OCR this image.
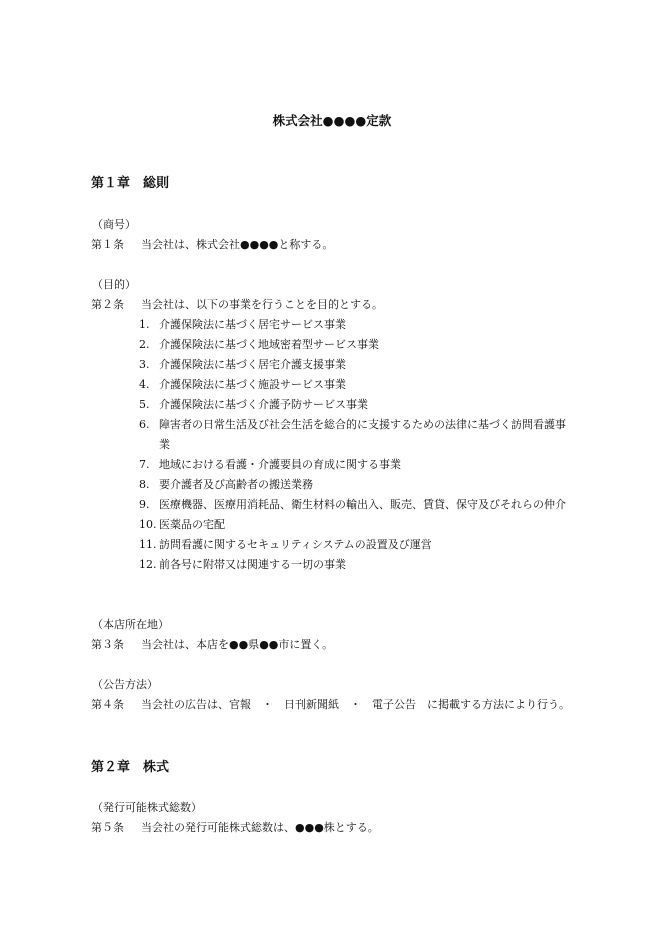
株式会社●●●●定款
第１章　総則
（商号）
第１条 当会社は、株式会社●●●●と称する。
（目的）
第２条 当会社は、以下の事業を行うことを目的とする。
1. 介護保険法に基づく居宅サービス事業
2. 介護保険法に基づく地域密着型サービス事業
3. 介護保険法に基づく居宅介護支援事業
4. 介護保険法に基づく施設サービス事業
5. 介護保険法に基づく介護予防サービス事業
6. 障害者の日常生活及び社会生活を総合的に支援するための法律に基づく訪問看護事業
7. 地域における看護・介護要員の育成に関する事業
8. 要介護者及び高齢者の搬送業務
9. 医療機器、医療用消耗品、衛生材料の輸出入、販売、賃貸、保守及びそれらの仲介
10. 医薬品の宅配
11. 訪問看護に関するセキュリティシステムの設置及び運営
12. 前各号に附帯又は関連する一切の事業
（本店所在地）
第３条 当会社は、本店を●●県●●市に置く。
（公告方法）
第４条 当会社の広告は、官報　・　日刊新聞紙　・　電子公告　に掲載する方法により行う。
第２章　株式
（発行可能株式総数）
第５条 当会社の発行可能株式総数は、●●●株とする。
